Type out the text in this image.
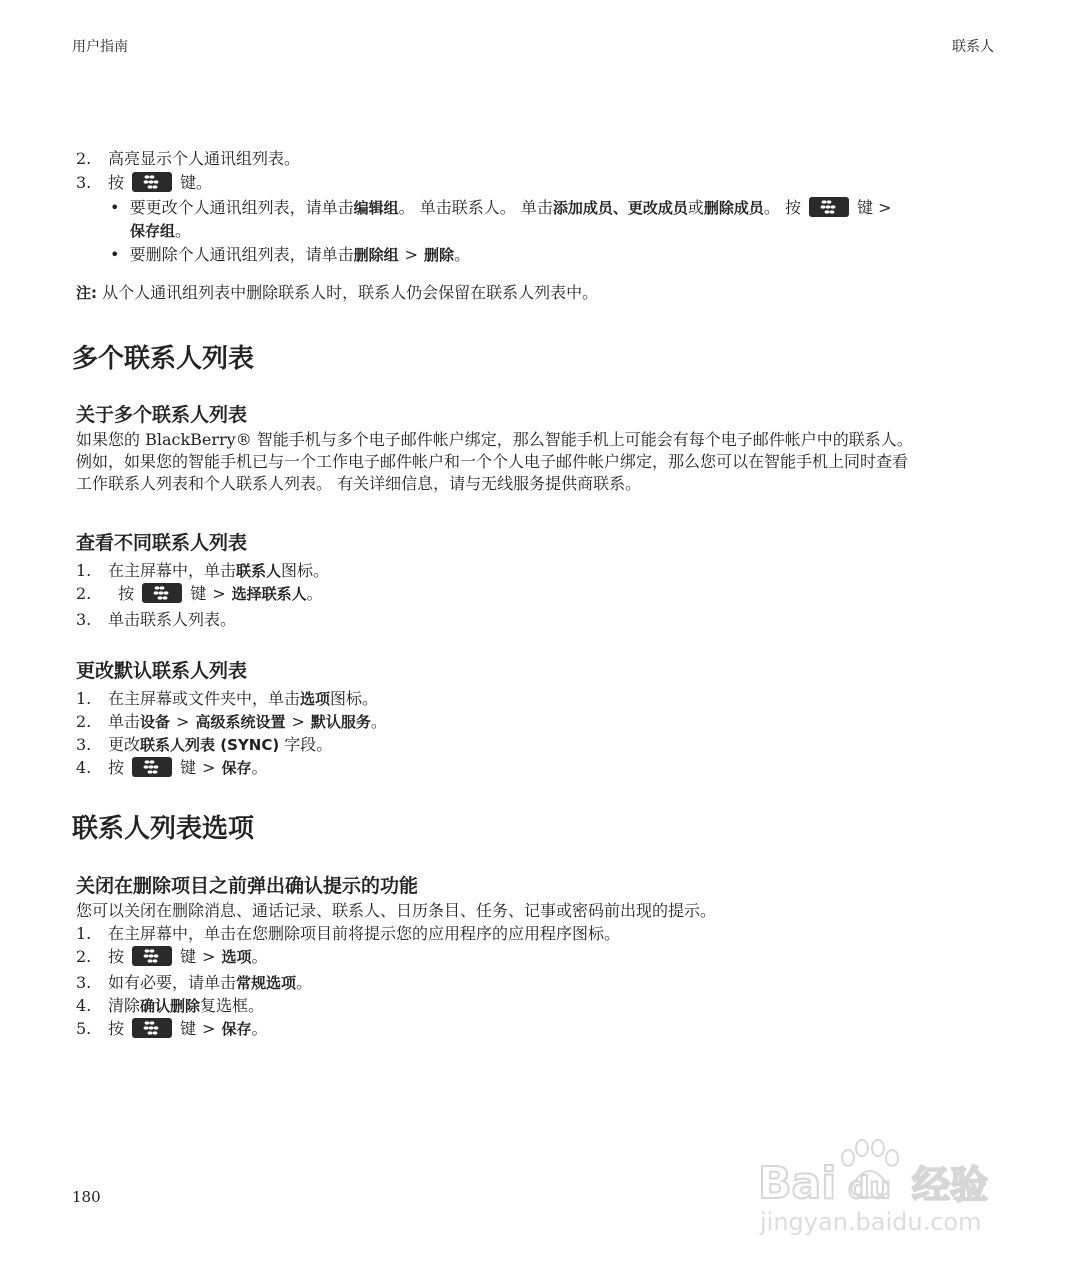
用户指南	联系人
2. 高亮显示个人通讯组列表。
3. 按	键。
• 要更改个人通讯组列表，请单击编辑组。 单击联系人。 单击添加成员、更改成员或删除成员。 按	键 >
保存组。
• 要删除个人通讯组列表，请单击删除组 > 删除。
注: 从个人通讯组列表中删除联系人时，联系人仍会保留在联系人列表中。
多个联系人列表
关于多个联系人列表
如果您的 BlackBerry® 智能手机与多个电子邮件帐户绑定，那么智能手机上可能会有每个电子邮件帐户中的联系人。
例如，如果您的智能手机已与一个工作电子邮件帐户和一个个人电子邮件帐户绑定，那么您可以在智能手机上同时查看
工作联系人列表和个人联系人列表。 有关详细信息，请与无线服务提供商联系。
查看不同联系人列表
1. 在主屏幕中，单击联系人图标。
2. 按	键 > 选择联系人。
3. 单击联系人列表。
更改默认联系人列表
1. 在主屏幕或文件夹中，单击选项图标。
2. 单击设备 > 高级系统设置 > 默认服务。
3. 更改联系人列表 (SYNC) 字段。
4. 按	键 > 保存。
联系人列表选项
关闭在删除项目之前弹出确认提示的功能
您可以关闭在删除消息、通话记录、联系人、日历条目、任务、记事或密码前出现的提示。
1. 在主屏幕中，单击在您删除项目前将提示您的应用程序的应用程序图标。
2. 按	键 > 选项。
3. 如有必要，请单击常规选项。
4. 清除确认删除复选框。
5. 按	键 > 保存。
180	Bai du 经验
jingyan.baidu.com
